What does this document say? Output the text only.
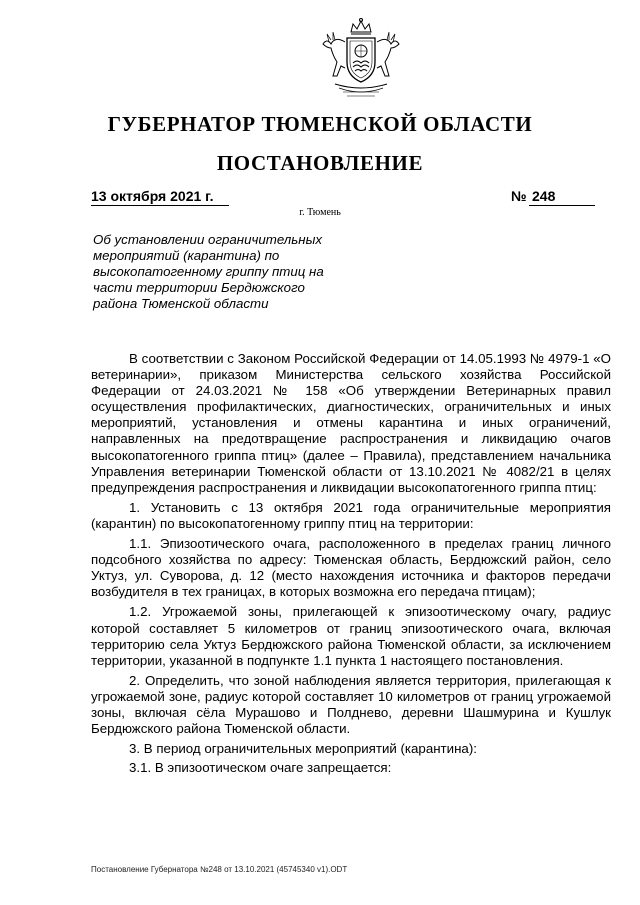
ГУБЕРНАТОР ТЮМЕНСКОЙ ОБЛАСТИ
ПОСТАНОВЛЕНИЕ
13 октября 2021 г.	№ 248
г. Тюмень
Об установлении ограничительных мероприятий (карантина) по высокопатогенному гриппу птиц на части территории Бердюжского района Тюменской области

В соответствии с Законом Российской Федерации от 14.05.1993 № 4979-1 «О ветеринарии», приказом Министерства сельского хозяйства Российской Федерации от 24.03.2021 № 158 «Об утверждении Ветеринарных правил осуществления профилактических, диагностических, ограничительных и иных мероприятий, установления и отмены карантина и иных ограничений, направленных на предотвращение распространения и ликвидацию очагов высокопатогенного гриппа птиц» (далее – Правила), представлением начальника Управления ветеринарии Тюменской области от 13.10.2021 № 4082/21 в целях предупреждения распространения и ликвидации высокопатогенного гриппа птиц:

1. Установить с 13 октября 2021 года ограничительные мероприятия (карантин) по высокопатогенному гриппу птиц на территории:

1.1. Эпизоотического очага, расположенного в пределах границ личного подсобного хозяйства по адресу: Тюменская область, Бердюжский район, село Уктуз, ул. Суворова, д. 12 (место нахождения источника и факторов передачи возбудителя в тех границах, в которых возможна его передача птицам);

1.2. Угрожаемой зоны, прилегающей к эпизоотическому очагу, радиус которой составляет 5 километров от границ эпизоотического очага, включая территорию села Уктуз Бердюжского района Тюменской области, за исключением территории, указанной в подпункте 1.1 пункта 1 настоящего постановления.

2. Определить, что зоной наблюдения является территория, прилегающая к угрожаемой зоне, радиус которой составляет 10 километров от границ угрожаемой зоны, включая сёла Мурашово и Полднево, деревни Шашмурина и Кушлук Бердюжского района Тюменской области.

3. В период ограничительных мероприятий (карантина):

3.1. В эпизоотическом очаге запрещается:

Постановление Губернатора №248 от 13.10.2021 (45745340 v1).ODT
